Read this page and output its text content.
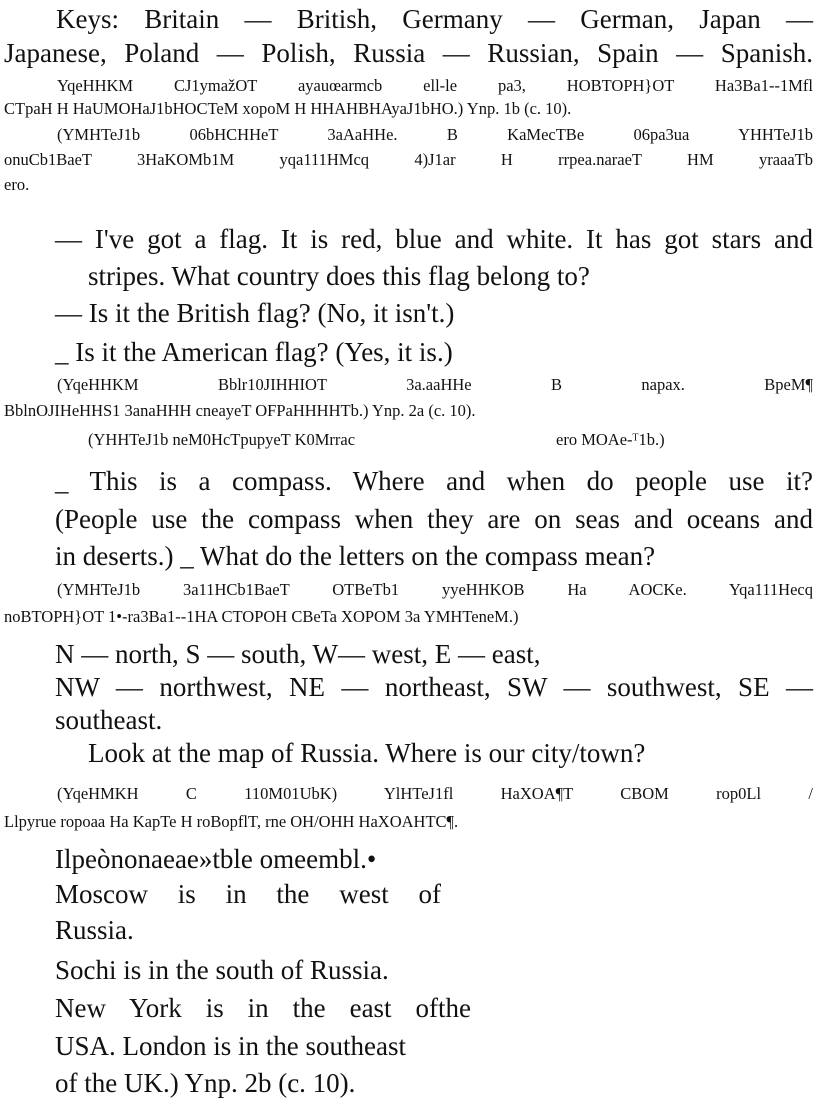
Keys: Britain — British, Germany — German, Japan —
Japanese, Poland — Polish, Russia — Russian, Spain — Spanish.
YqeHHKM CJ1ymažOT ayauœarmcb ell-le pa3, HOBTOPH}OT Ha3Ba1--1Mfl
CTpaH H HaUMOHaJ1bHOCTeM xopoM H HHAHBHAyaJ1bHO.) Ynp. 1b (c. 10).
(YMHTeJ1b 06bHCHHeT 3aAaHHe. B KaMecTBe 06pa3ua YHHTeJ1b
onuCb1BaeT 3HaKOMb1M yqa111HMcq 4)J1ar H rrpea.naraeT HM yraaaTb
ero.
— I've got a flag. It is red, blue and white. It has got stars and
stripes. What country does this flag belong to?
— Is it the British flag? (No, it isn't.)
_ Is it the American flag? (Yes, it is.)
(YqeHHKM Bblr10JIHHIOT 3a.aaHHe B napax. BpeM¶
BblnOJIHeHHS1 3anaHHH cneayeT OFPaHHHHTb.) Ynp. 2a (c. 10).
(YHHTeJ1b neM0HcTpupyeT K0Mrrac	ero MOAe-ᵀ1b.)
_ This is a compass. Where and when do people use it?
(People use the compass when they are on seas and oceans and
in deserts.) _ What do the letters on the compass mean?
(YMHTeJ1b 3a11HCb1BaeT OTBeTb1 yyeHHKOB Ha AOCKe. Yqa111Hecq
noBTOPH}OT 1•-ra3Ba1--1HA CTOPOH CBeTa XOPOM 3a YMHTeneM.)
N — north, S — south, W— west, E — east,
NW — northwest, NE — northeast, SW — southwest, SE —
southeast.
Look at the map of Russia. Where is our city/town?
(YqeHMKH C 110M01UbK) YlHTeJ1fl HaXOA¶T CBOM rop0Ll /
Llpyrue ropoaa Ha KapTe H roBopflT, rne OH/OHH HaXOAHTC¶.
Ilpeònonaeae»tble omeembl.•
Moscow is in the west of
Russia.
Sochi is in the south of Russia.
New York is in the east ofthe
USA. London is in the southeast
of the UK.) Ynp. 2b (c. 10).
